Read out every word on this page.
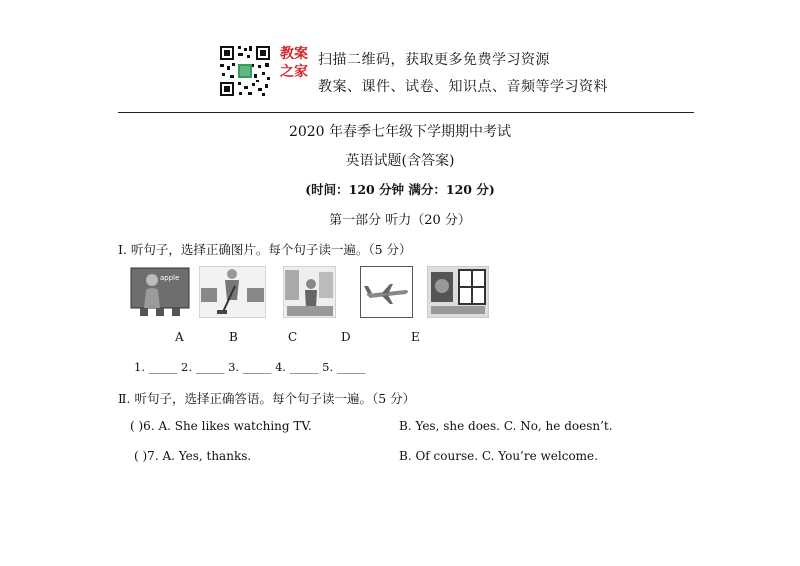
教案
之家
扫描二维码，获取更多免费学习资源
教案、课件、试卷、知识点、音频等学习资料
2020 年春季七年级下学期期中考试
英语试题(含答案)
(时间：120 分钟 满分：120 分)
第一部分 听力（20 分）
Ⅰ. 听句子，选择正确图片。每个句子读一遍。（5 分）
apple
A	B	C	D	E
1. _____ 2. _____ 3. _____ 4. _____ 5. _____
Ⅱ. 听句子，选择正确答语。每个句子读一遍。（5 分）
( )6. A. She likes watching TV.	B. Yes, she does. C. No, he doesn’t.
( )7. A. Yes, thanks.	B. Of course. C. You’re welcome.
